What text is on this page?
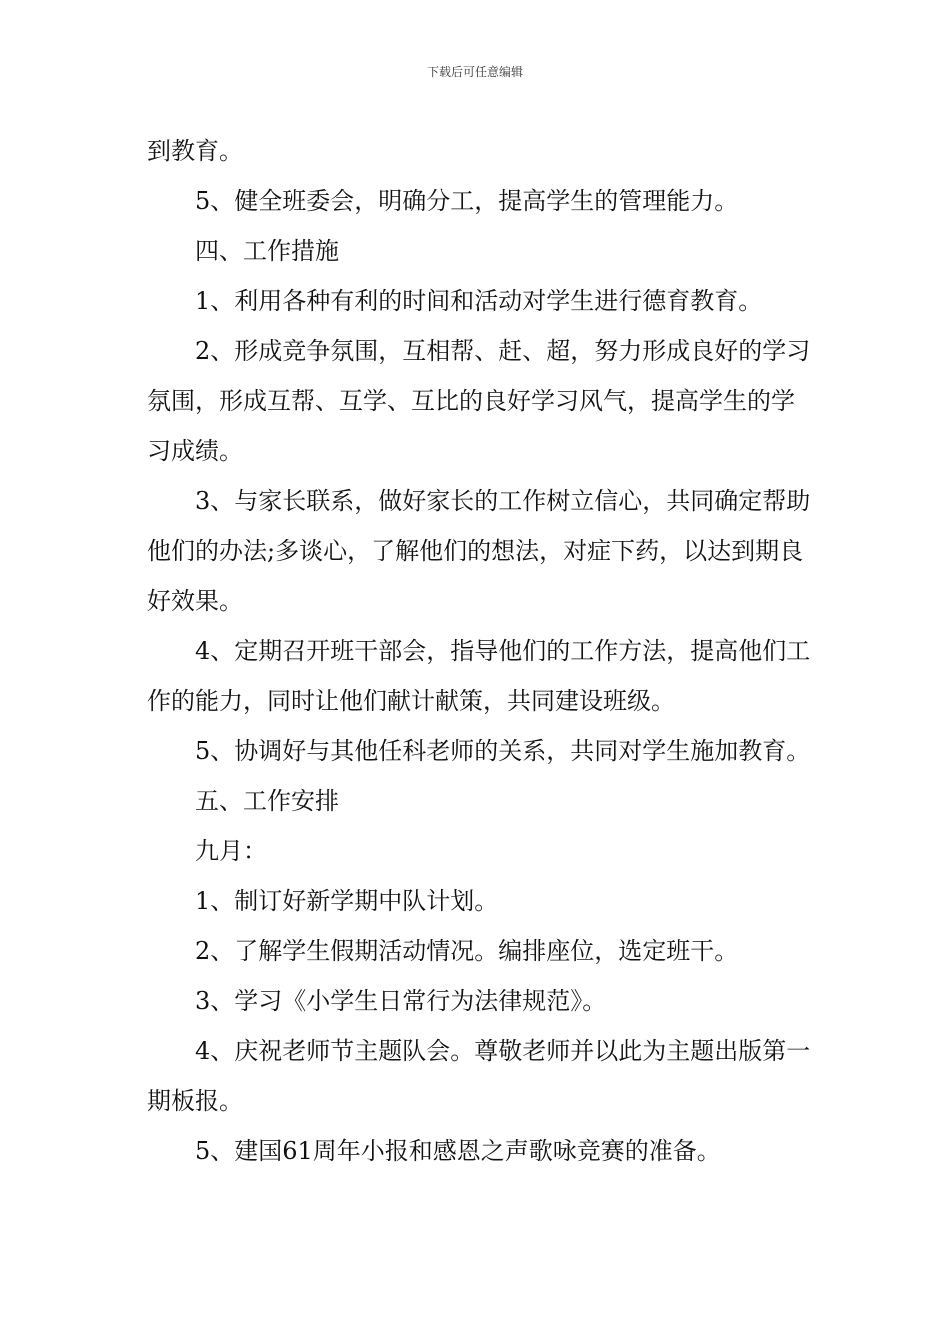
下载后可任意编辑

到教育。

5、健全班委会，明确分工，提高学生的管理能力。

四、工作措施

1、利用各种有利的时间和活动对学生进行德育教育。

2、形成竞争氛围，互相帮、赶、超，努力形成良好的学习氛围，形成互帮、互学、互比的良好学习风气，提高学生的学习成绩。

3、与家长联系，做好家长的工作树立信心，共同确定帮助他们的办法;多谈心，了解他们的想法，对症下药，以达到期良好效果。

4、定期召开班干部会，指导他们的工作方法，提高他们工作的能力，同时让他们献计献策，共同建设班级。

5、协调好与其他任科老师的关系，共同对学生施加教育。

五、工作安排

九月：

1、制订好新学期中队计划。

2、了解学生假期活动情况。编排座位，选定班干。

3、学习《小学生日常行为法律规范》。

4、庆祝老师节主题队会。尊敬老师并以此为主题出版第一期板报。

5、建国61周年小报和感恩之声歌咏竞赛的准备。
